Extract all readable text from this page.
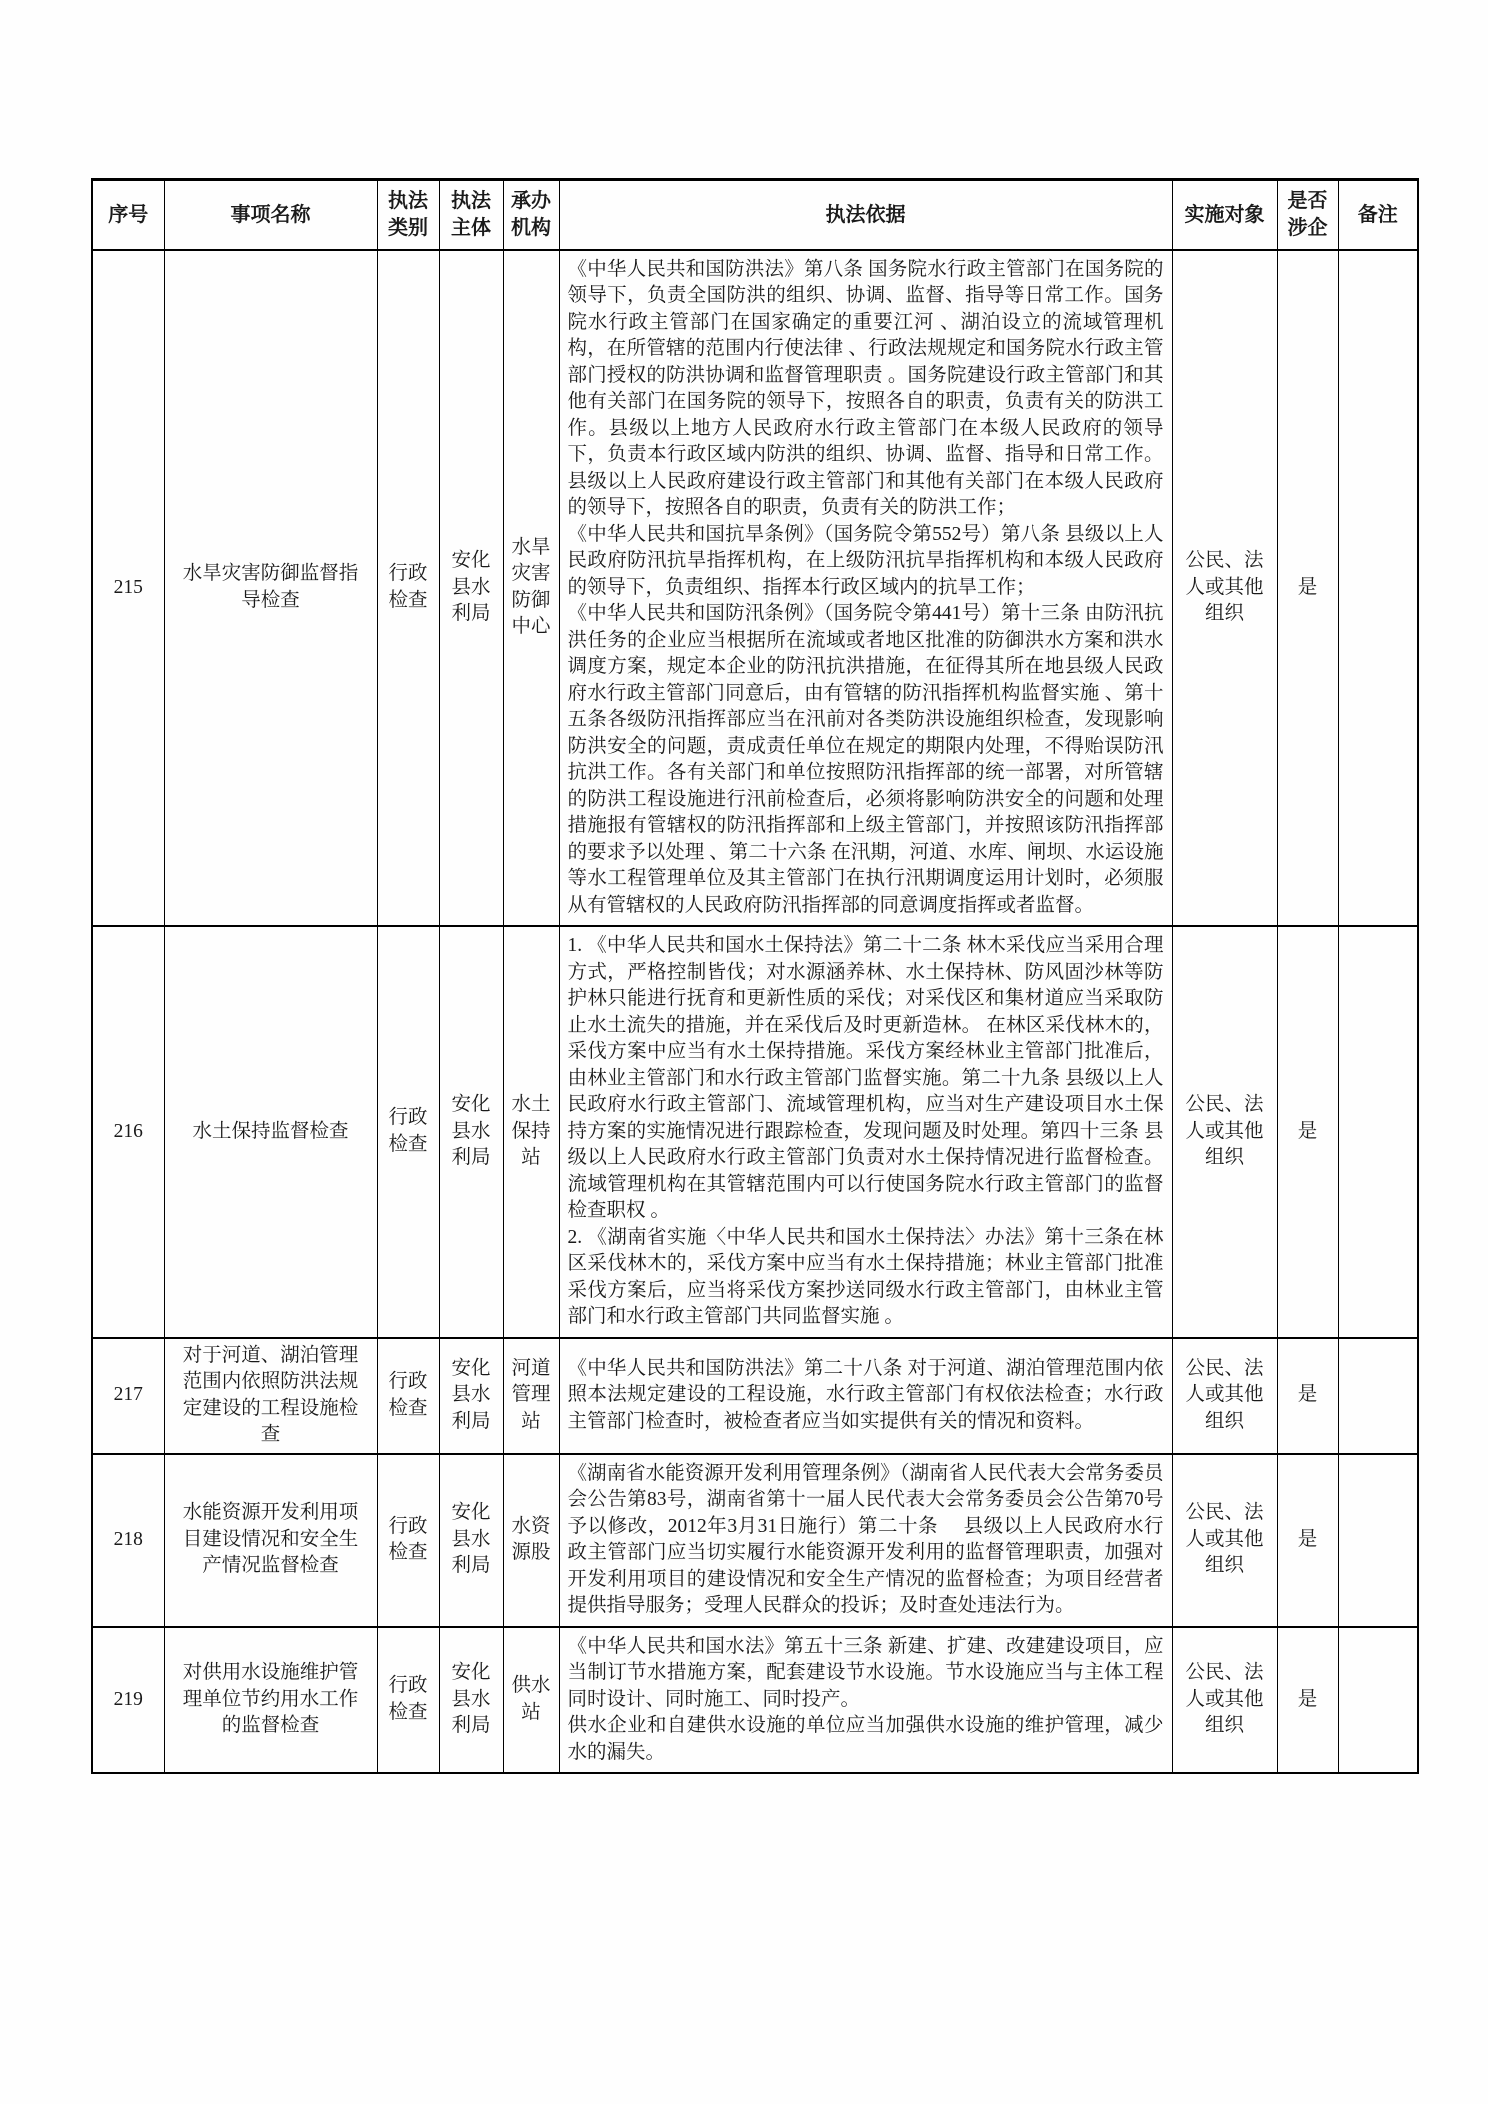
序号	事项名称	执法类别	执法主体	承办机构	执法依据	实施对象	是否涉企	备注
215	水旱灾害防御监督指导检查	行政检查	安化县水利局	水旱灾害防御中心	《中华人民共和国防洪法》第八条 国务院水行政主管部门在国务院的领导下，负责全国防洪的组织、协调、监督、指导等日常工作。国务院水行政主管部门在国家确定的重要江河 、湖泊设立的流域管理机构，在所管辖的范围内行使法律 、行政法规规定和国务院水行政主管部门授权的防洪协调和监督管理职责 。国务院建设行政主管部门和其他有关部门在国务院的领导下，按照各自的职责，负责有关的防洪工作。县级以上地方人民政府水行政主管部门在本级人民政府的领导下，负责本行政区域内防洪的组织、协调、监督、指导和日常工作。县级以上人民政府建设行政主管部门和其他有关部门在本级人民政府的领导下，按照各自的职责，负责有关的防洪工作；
《中华人民共和国抗旱条例》（国务院令第552号）第八条 县级以上人民政府防汛抗旱指挥机构，在上级防汛抗旱指挥机构和本级人民政府的领导下，负责组织、指挥本行政区域内的抗旱工作；
《中华人民共和国防汛条例》（国务院令第441号）第十三条 由防汛抗洪任务的企业应当根据所在流域或者地区批准的防御洪水方案和洪水调度方案，规定本企业的防汛抗洪措施，在征得其所在地县级人民政府水行政主管部门同意后，由有管辖的防汛指挥机构监督实施 、第十五条各级防汛指挥部应当在汛前对各类防洪设施组织检查，发现影响防洪安全的问题，责成责任单位在规定的期限内处理，不得贻误防汛抗洪工作。各有关部门和单位按照防汛指挥部的统一部署，对所管辖的防洪工程设施进行汛前检查后，必须将影响防洪安全的问题和处理措施报有管辖权的防汛指挥部和上级主管部门，并按照该防汛指挥部的要求予以处理 、第二十六条 在汛期，河道、水库、闸坝、水运设施等水工程管理单位及其主管部门在执行汛期调度运用计划时，必须服从有管辖权的人民政府防汛指挥部的同意调度指挥或者监督。	公民、法人或其他组织	是	
216	水土保持监督检查	行政检查	安化县水利局	水土保持站	1. 《中华人民共和国水土保持法》第二十二条 林木采伐应当采用合理方式，严格控制皆伐；对水源涵养林、水土保持林、防风固沙林等防护林只能进行抚育和更新性质的采伐；对采伐区和集材道应当采取防止水土流失的措施，并在采伐后及时更新造林。 在林区采伐林木的，采伐方案中应当有水土保持措施。采伐方案经林业主管部门批准后，由林业主管部门和水行政主管部门监督实施。第二十九条 县级以上人民政府水行政主管部门、流域管理机构，应当对生产建设项目水土保持方案的实施情况进行跟踪检查，发现问题及时处理。第四十三条 县级以上人民政府水行政主管部门负责对水土保持情况进行监督检查。流域管理机构在其管辖范围内可以行使国务院水行政主管部门的监督检查职权 。
2. 《湖南省实施〈中华人民共和国水土保持法〉办法》第十三条在林区采伐林木的，采伐方案中应当有水土保持措施；林业主管部门批准采伐方案后，应当将采伐方案抄送同级水行政主管部门，由林业主管部门和水行政主管部门共同监督实施 。	公民、法人或其他组织	是	
217	对于河道、湖泊管理范围内依照防洪法规定建设的工程设施检查	行政检查	安化县水利局	河道管理站	《中华人民共和国防洪法》第二十八条 对于河道、湖泊管理范围内依照本法规定建设的工程设施，水行政主管部门有权依法检查；水行政主管部门检查时，被检查者应当如实提供有关的情况和资料。	公民、法人或其他组织	是	
218	水能资源开发利用项目建设情况和安全生产情况监督检查	行政检查	安化县水利局	水资源股	《湖南省水能资源开发利用管理条例》（湖南省人民代表大会常务委员会公告第83号，湖南省第十一届人民代表大会常务委员会公告第70号予以修改，2012年3月31日施行）第二十条　 县级以上人民政府水行政主管部门应当切实履行水能资源开发利用的监督管理职责，加强对开发利用项目的建设情况和安全生产情况的监督检查；为项目经营者提供指导服务；受理人民群众的投诉；及时查处违法行为。	公民、法人或其他组织	是	
219	对供用水设施维护管理单位节约用水工作的监督检查	行政检查	安化县水利局	供水站	《中华人民共和国水法》第五十三条 新建、扩建、改建建设项目，应当制订节水措施方案，配套建设节水设施。节水设施应当与主体工程同时设计、同时施工、同时投产。
供水企业和自建供水设施的单位应当加强供水设施的维护管理，减少水的漏失。	公民、法人或其他组织	是	
